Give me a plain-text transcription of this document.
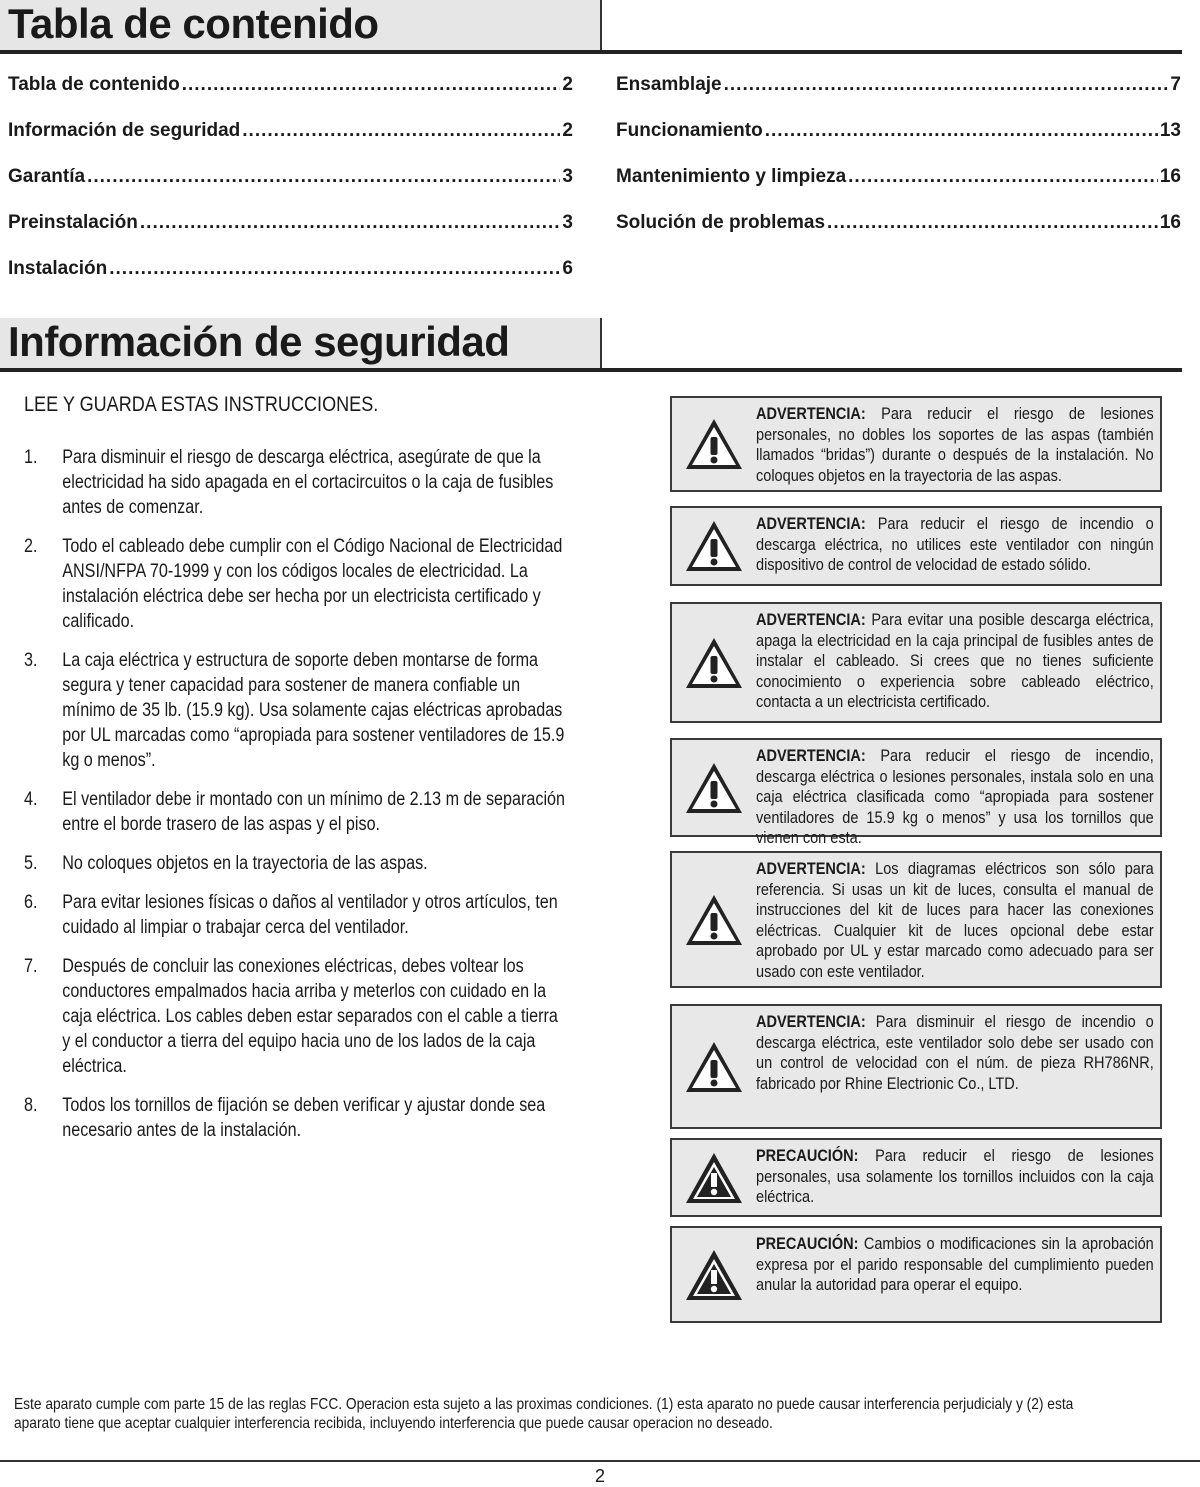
Tabla de contenido
Tabla de contenido .....	2
Información de seguridad .....	2
Garantía .....	3
Preinstalación .....	3
Instalación .....	6
Ensamblaje .....	7
Funcionamiento .....	13
Mantenimiento y limpieza .....	16
Solución de problemas .....	16
Información de seguridad
LEE Y GUARDA ESTAS INSTRUCCIONES.
1.	Para disminuir el riesgo de descarga eléctrica, asegúrate de que la electricidad ha sido apagada en el cortacircuitos o la caja de fusibles antes de comenzar.
2.	Todo el cableado debe cumplir con el Código Nacional de Electricidad ANSI/NFPA 70-1999 y con los códigos locales de electricidad. La instalación eléctrica debe ser hecha por un electricista certificado y calificado.
3.	La caja eléctrica y estructura de soporte deben montarse de forma segura y tener capacidad para sostener de manera confiable un mínimo de 35 lb. (15.9 kg). Usa solamente cajas eléctricas aprobadas por UL marcadas como “apropiada para sostener ventiladores de 15.9 kg o menos”.
4.	El ventilador debe ir montado con un mínimo de 2.13 m de separación entre el borde trasero de las aspas y el piso.
5.	No coloques objetos en la trayectoria de las aspas.
6.	Para evitar lesiones físicas o daños al ventilador y otros artículos, ten cuidado al limpiar o trabajar cerca del ventilador.
7.	Después de concluir las conexiones eléctricas, debes voltear los conductores empalmados hacia arriba y meterlos con cuidado en la caja eléctrica. Los cables deben estar separados con el cable a tierra y el conductor a tierra del equipo hacia uno de los lados de la caja eléctrica.
8.	Todos los tornillos de fijación se deben verificar y ajustar donde sea necesario antes de la instalación.
ADVERTENCIA: Para reducir el riesgo de lesiones personales, no dobles los soportes de las aspas (también llamados “bridas”) durante o después de la instalación. No coloques objetos en la trayectoria de las aspas.
ADVERTENCIA: Para reducir el riesgo de incendio o descarga eléctrica, no utilices este ventilador con ningún dispositivo de control de velocidad de estado sólido.
ADVERTENCIA: Para evitar una posible descarga eléctrica, apaga la electricidad en la caja principal de fusibles antes de instalar el cableado. Si crees que no tienes suficiente conocimiento o experiencia sobre cableado eléctrico, contacta a un electricista certificado.
ADVERTENCIA: Para reducir el riesgo de incendio, descarga eléctrica o lesiones personales, instala solo en una caja eléctrica clasificada como “apropiada para sostener ventiladores de 15.9 kg o menos” y usa los tornillos que vienen con esta.
ADVERTENCIA: Los diagramas eléctricos son sólo para referencia. Si usas un kit de luces, consulta el manual de instrucciones del kit de luces para hacer las conexiones eléctricas. Cualquier kit de luces opcional debe estar aprobado por UL y estar marcado como adecuado para ser usado con este ventilador.
ADVERTENCIA: Para disminuir el riesgo de incendio o descarga eléctrica, este ventilador solo debe ser usado con un control de velocidad con el núm. de pieza RH786NR, fabricado por Rhine Electrionic Co., LTD.
PRECAUCIÓN: Para reducir el riesgo de lesiones personales, usa solamente los tornillos incluidos con la caja eléctrica.
PRECAUCIÓN: Cambios o modificaciones sin la aprobación expresa por el parido responsable del cumplimiento pueden anular la autoridad para operar el equipo.
Este aparato cumple com parte 15 de las reglas FCC. Operacion esta sujeto a las proximas condiciones. (1) esta aparato no puede causar interferencia perjudicialy y (2) esta aparato tiene que aceptar cualquier interferencia recibida, incluyendo interferencia que puede causar operacion no deseado.
2
